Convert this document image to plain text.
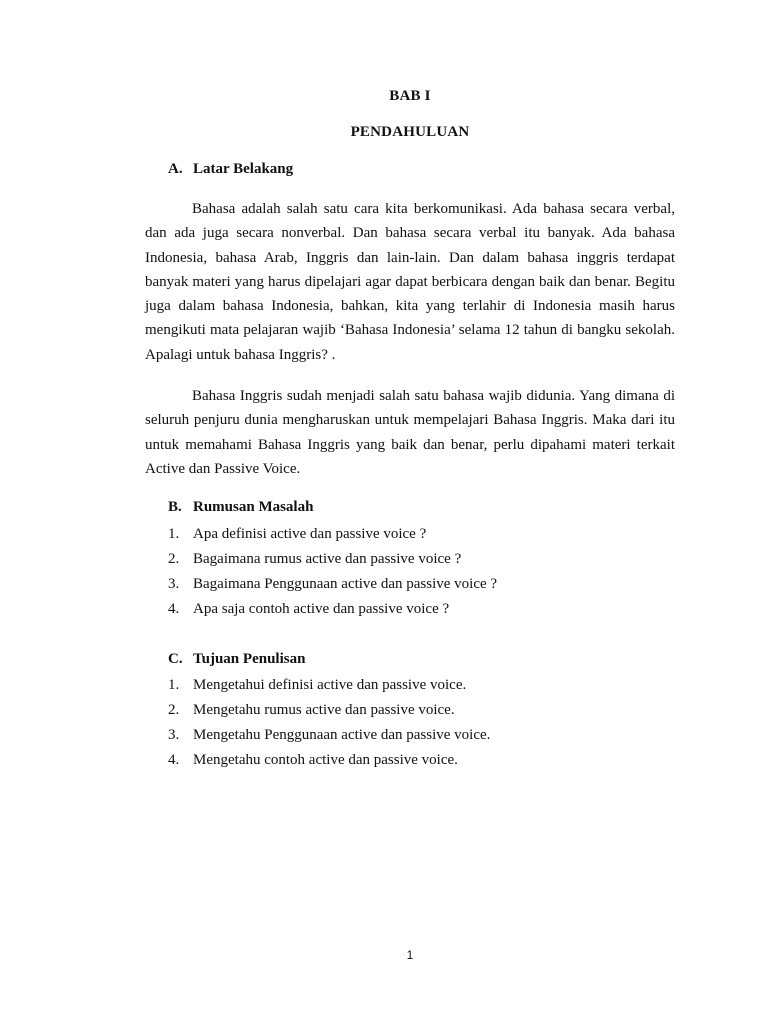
BAB I
PENDAHULUAN
A. Latar Belakang

Bahasa adalah salah satu cara kita berkomunikasi. Ada bahasa secara verbal, dan ada juga secara nonverbal. Dan bahasa secara verbal itu banyak. Ada bahasa Indonesia, bahasa Arab, Inggris dan lain-lain. Dan dalam bahasa inggris terdapat banyak materi yang harus dipelajari agar dapat berbicara dengan baik dan benar. Begitu juga dalam bahasa Indonesia, bahkan, kita yang terlahir di Indonesia masih harus mengikuti mata pelajaran wajib ‘Bahasa Indonesia’ selama 12 tahun di bangku sekolah. Apalagi untuk bahasa Inggris? .

Bahasa Inggris sudah menjadi salah satu bahasa wajib didunia. Yang dimana di seluruh penjuru dunia mengharuskan untuk mempelajari Bahasa Inggris. Maka dari itu untuk memahami Bahasa Inggris yang baik dan benar, perlu dipahami materi terkait Active dan Passive Voice.

B. Rumusan Masalah
1. Apa definisi active dan passive voice ?
2. Bagaimana rumus active dan passive voice ?
3. Bagaimana Penggunaan active dan passive voice ?
4. Apa saja contoh active dan passive voice ?
C. Tujuan Penulisan
1. Mengetahui definisi active dan passive voice.
2. Mengetahu rumus active dan passive voice.
3. Mengetahu Penggunaan active dan passive voice.
4. Mengetahu contoh active dan passive voice.
1
